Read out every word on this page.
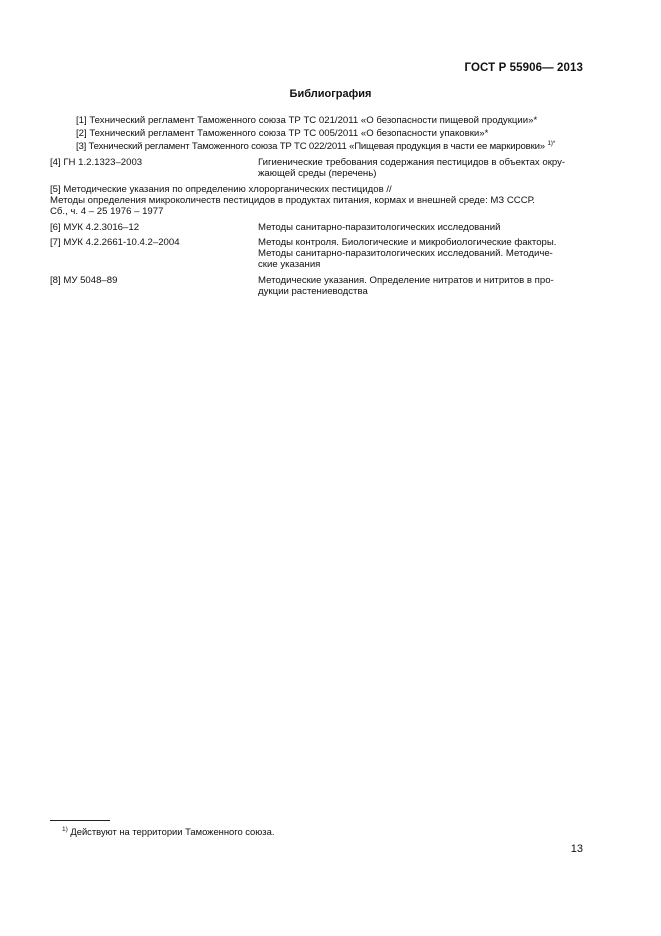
ГОСТ Р 55906— 2013
Библиография
[1] Технический регламент Таможенного союза ТР ТС 021/2011 «О безопасности пищевой продукции»*
[2] Технический регламент Таможенного союза ТР ТС 005/2011 «О безопасности упаковки»*
[3] Технический регламент Таможенного союза ТР ТС 022/2011 «Пищевая продукция в части ее маркировки» $^{1)*}$
[4] ГН 1.2.1323–2003	Гигиенические требования содержания пестицидов в объектах окру-
жающей среды (перечень)
[5] Методические указания по определению хлорорганических пестицидов //
Методы определения микроколичеств пестицидов в продуктах питания, кормах и внешней среде: МЗ СССР.
Сб., ч. 4 – 25 1976 – 1977
[6] МУК 4.2.3016–12	Методы санитарно-паразитологических исследований
[7] МУК 4.2.2661-10.4.2–2004	Методы контроля. Биологические и микробиологические факторы.
Методы санитарно-паразитологических исследований. Методиче-
ские указания
[8] МУ 5048–89	Методические указания. Определение нитратов и нитритов в про-
дукции растениеводства
$^{1)}$ Действуют на территории Таможенного союза.
13
